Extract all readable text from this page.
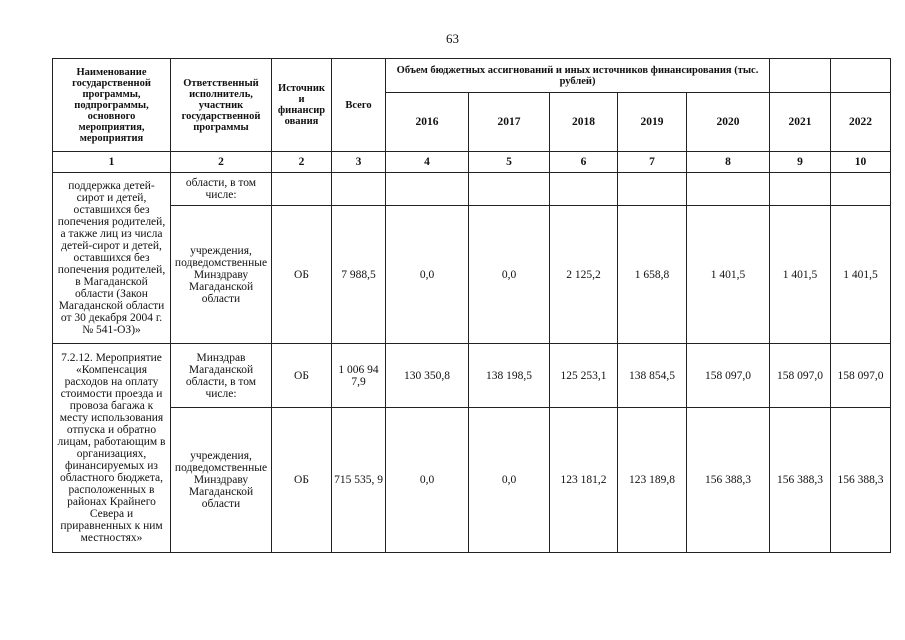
63
Наименование государственной программы, подпрограммы, основного мероприятия, мероприятия	Ответственный исполнитель, участник государственной программы	Источник и финансир ования	Всего	Объем бюджетных ассигнований и иных источников финансирования (тыс. рублей)						
				2016	2017	2018	2019	2020	2021	2022
1	2	2	3	4	5	6	7	8	9	10
поддержка детей-сирот и детей, оставшихся без попечения родителей, а также лиц из числа детей-сирот и детей, оставшихся без попечения родителей, в Магаданской области (Закон Магаданской области от 30 декабря 2004 г. № 541-ОЗ)»	области, в том числе:									
	учреждения, подведомственные Минздраву Магаданской области	ОБ	7 988,5	0,0	0,0	2 125,2	1 658,8	1 401,5	1 401,5	1 401,5
7.2.12. Мероприятие «Компенсация расходов на оплату стоимости проезда и провоза багажа к месту использования отпуска и обратно лицам, работающим в организациях, финансируемых из областного бюджета, расположенных в районах Крайнего Севера и приравненных к ним местностях»	Минздрав Магаданской области, в том числе:	ОБ	1 006 94 7,9	130 350,8	138 198,5	125 253,1	138 854,5	158 097,0	158 097,0	158 097,0
	учреждения, подведомственные Минздраву Магаданской области	ОБ	715 535, 9	0,0	0,0	123 181,2	123 189,8	156 388,3	156 388,3	156 388,3
